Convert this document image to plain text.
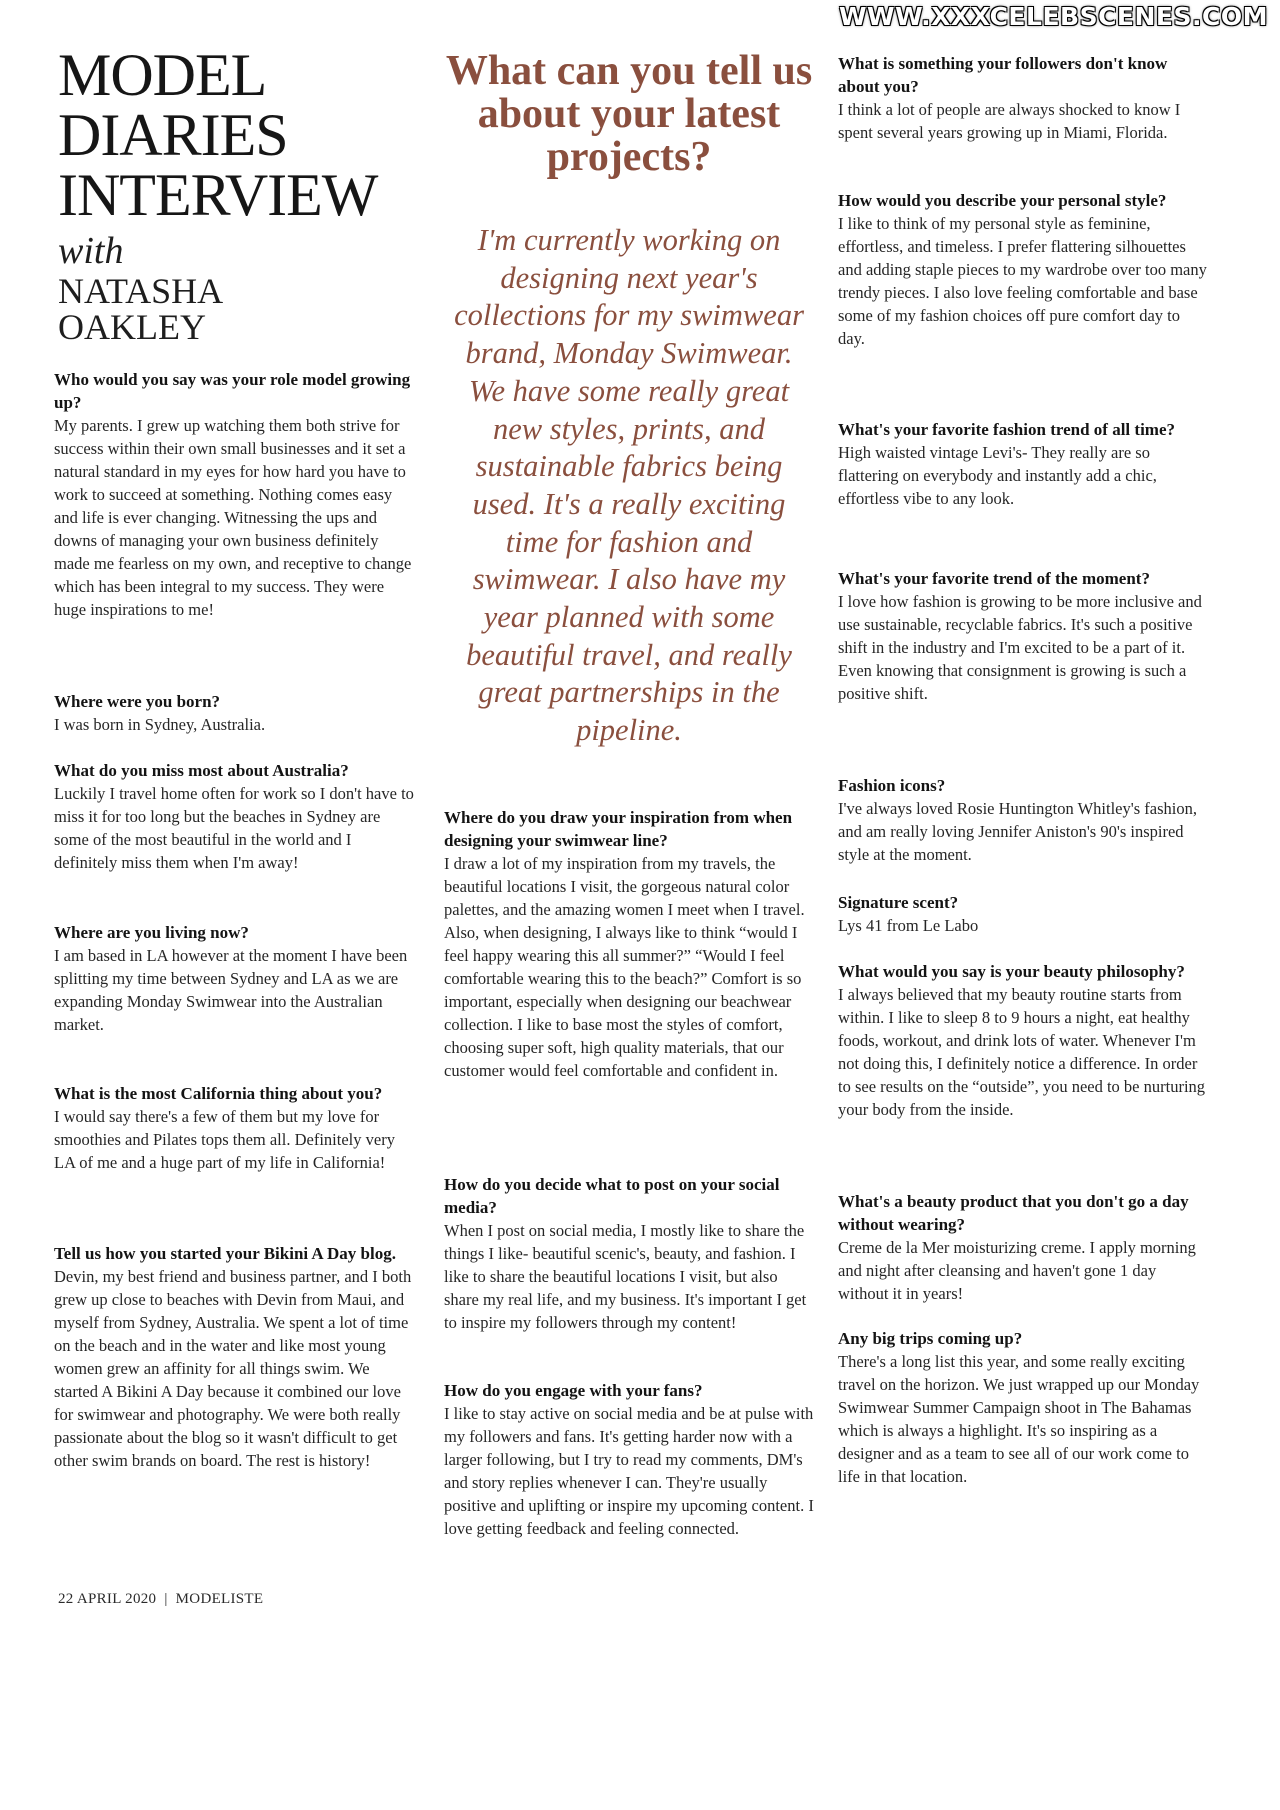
WWW.XXXCELEBSCENES.COM
MODEL
DIARIES
INTERVIEW
with
NATASHA
OAKLEY
What can you tell us about your latest projects?
I'm currently working on designing next year's collections for my swimwear brand, Monday Swimwear. We have some really great new styles, prints, and sustainable fabrics being used. It's a really exciting time for fashion and swimwear. I also have my year planned with some beautiful travel, and really great partnerships in the pipeline.

Who would you say was your role model growing up?

My parents. I grew up watching them both strive for success within their own small businesses and it set a natural standard in my eyes for how hard you have to work to succeed at something. Nothing comes easy and life is ever changing. Witnessing the ups and downs of managing your own business definitely made me fearless on my own, and receptive to change which has been integral to my success. They were huge inspirations to me!

Where were you born?

I was born in Sydney, Australia.

What do you miss most about Australia?

Luckily I travel home often for work so I don't have to miss it for too long but the beaches in Sydney are some of the most beautiful in the world and I definitely miss them when I'm away!

Where are you living now?

I am based in LA however at the moment I have been splitting my time between Sydney and LA as we are expanding Monday Swimwear into the Australian market.

What is the most California thing about you?

I would say there's a few of them but my love for smoothies and Pilates tops them all. Definitely very LA of me and a huge part of my life in California!

Tell us how you started your Bikini A Day blog.

Devin, my best friend and business partner, and I both grew up close to beaches with Devin from Maui, and myself from Sydney, Australia. We spent a lot of time on the beach and in the water and like most young women grew an affinity for all things swim. We started A Bikini A Day because it combined our love for swimwear and photography. We were both really passionate about the blog so it wasn't difficult to get other swim brands on board. The rest is history!

Where do you draw your inspiration from when designing your swimwear line?

I draw a lot of my inspiration from my travels, the beautiful locations I visit, the gorgeous natural color palettes, and the amazing women I meet when I travel. Also, when designing, I always like to think “would I feel happy wearing this all summer?” “Would I feel comfortable wearing this to the beach?” Comfort is so important, especially when designing our beachwear collection. I like to base most the styles of comfort, choosing super soft, high quality materials, that our customer would feel comfortable and confident in.

How do you decide what to post on your social media?

When I post on social media, I mostly like to share the things I like- beautiful scenic's, beauty, and fashion. I like to share the beautiful locations I visit, but also share my real life, and my business. It's important I get to inspire my followers through my content!

How do you engage with your fans?

I like to stay active on social media and be at pulse with my followers and fans. It's getting harder now with a larger following, but I try to read my comments, DM's and story replies whenever I can. They're usually positive and uplifting or inspire my upcoming content. I love getting feedback and feeling connected.

What is something your followers don't know about you?

I think a lot of people are always shocked to know I spent several years growing up in Miami, Florida.

How would you describe your personal style?

I like to think of my personal style as feminine, effortless, and timeless. I prefer flattering silhouettes and adding staple pieces to my wardrobe over too many trendy pieces. I also love feeling comfortable and base some of my fashion choices off pure comfort day to day.

What's your favorite fashion trend of all time?

High waisted vintage Levi's- They really are so flattering on everybody and instantly add a chic, effortless vibe to any look.

What's your favorite trend of the moment?

I love how fashion is growing to be more inclusive and use sustainable, recyclable fabrics. It's such a positive shift in the industry and I'm excited to be a part of it. Even knowing that consignment is growing is such a positive shift.

Fashion icons?

I've always loved Rosie Huntington Whitley's fashion, and am really loving Jennifer Aniston's 90's inspired style at the moment.

Signature scent?

Lys 41 from Le Labo

What would you say is your beauty philosophy?

I always believed that my beauty routine starts from within. I like to sleep 8 to 9 hours a night, eat healthy foods, workout, and drink lots of water. Whenever I'm not doing this, I definitely notice a difference. In order to see results on the “outside”, you need to be nurturing your body from the inside.

What's a beauty product that you don't go a day without wearing?

Creme de la Mer moisturizing creme. I apply morning and night after cleansing and haven't gone 1 day without it in years!

Any big trips coming up?

There's a long list this year, and some really exciting travel on the horizon. We just wrapped up our Monday Swimwear Summer Campaign shoot in The Bahamas which is always a highlight. It's so inspiring as a designer and as a team to see all of our work come to life in that location.

22 APRIL 2020 | MODELISTE
